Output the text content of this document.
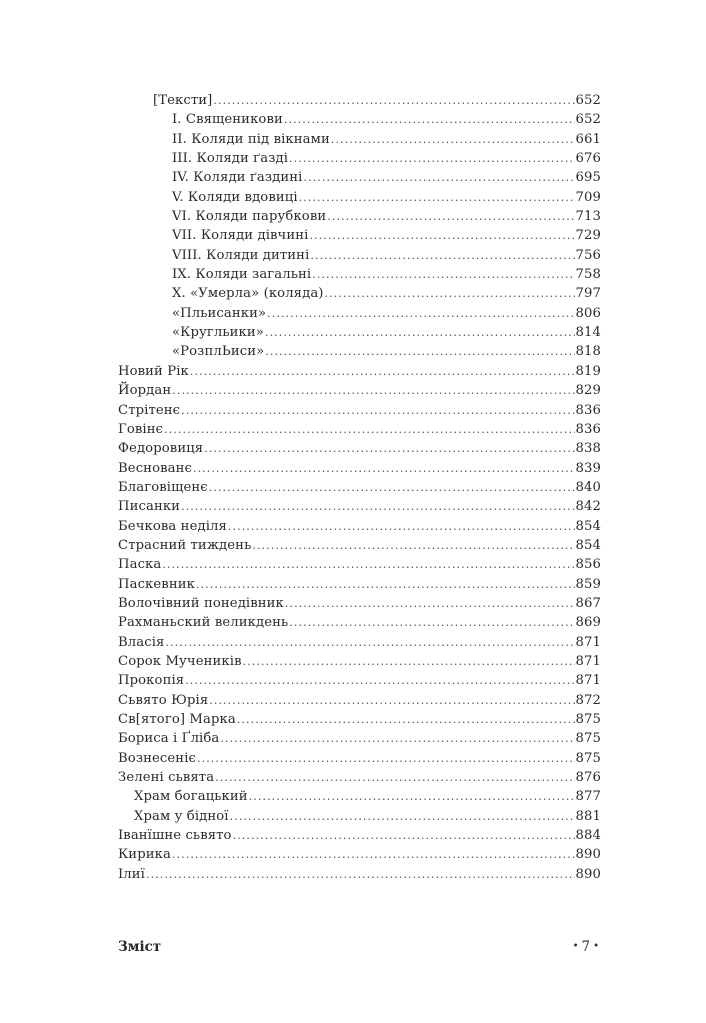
[Тексти] .....	652
I. Священикови .....	652
II. Коляди під вікнами .....	661
III. Коляди ґазді .....	676
IV. Коляди ґаздині .....	695
V. Коляди вдовиці .....	709
VI. Коляди парубкови .....	713
VII. Коляди дівчині .....	729
VIII. Коляди дитині .....	756
IX. Коляди загальні .....	758
X. «Умерла» (коляда) .....	797
«Пльисанки» .....	806
«Кругльики» .....	814
«РозплЬиси» .....	818
Новий Рік .....	819
Йордан .....	829
Стрітенє .....	836
Говінє .....	836
Федоровиця .....	838
Веснованє .....	839
Благовіщенє .....	840
Писанки .....	842
Бечкова неділя .....	854
Страсний тиждень .....	854
Паска .....	856
Паскевник .....	859
Волочівний понедівник .....	867
Рахманьский великдень .....	869
Власія .....	871
Сорок Мучеників .....	871
Прокопія .....	871
Сьвято Юрія .....	872
Св[ятого] Марка .....	875
Бориса і Ґліба .....	875
Вознесенiє .....	875
Зелені сьвята .....	876
Храм богацький .....	877
Храм у бідної .....	881
Іванїшне сьвято .....	884
Кирика .....	890
Ілиї .....	890
Зміст	• 7 •
